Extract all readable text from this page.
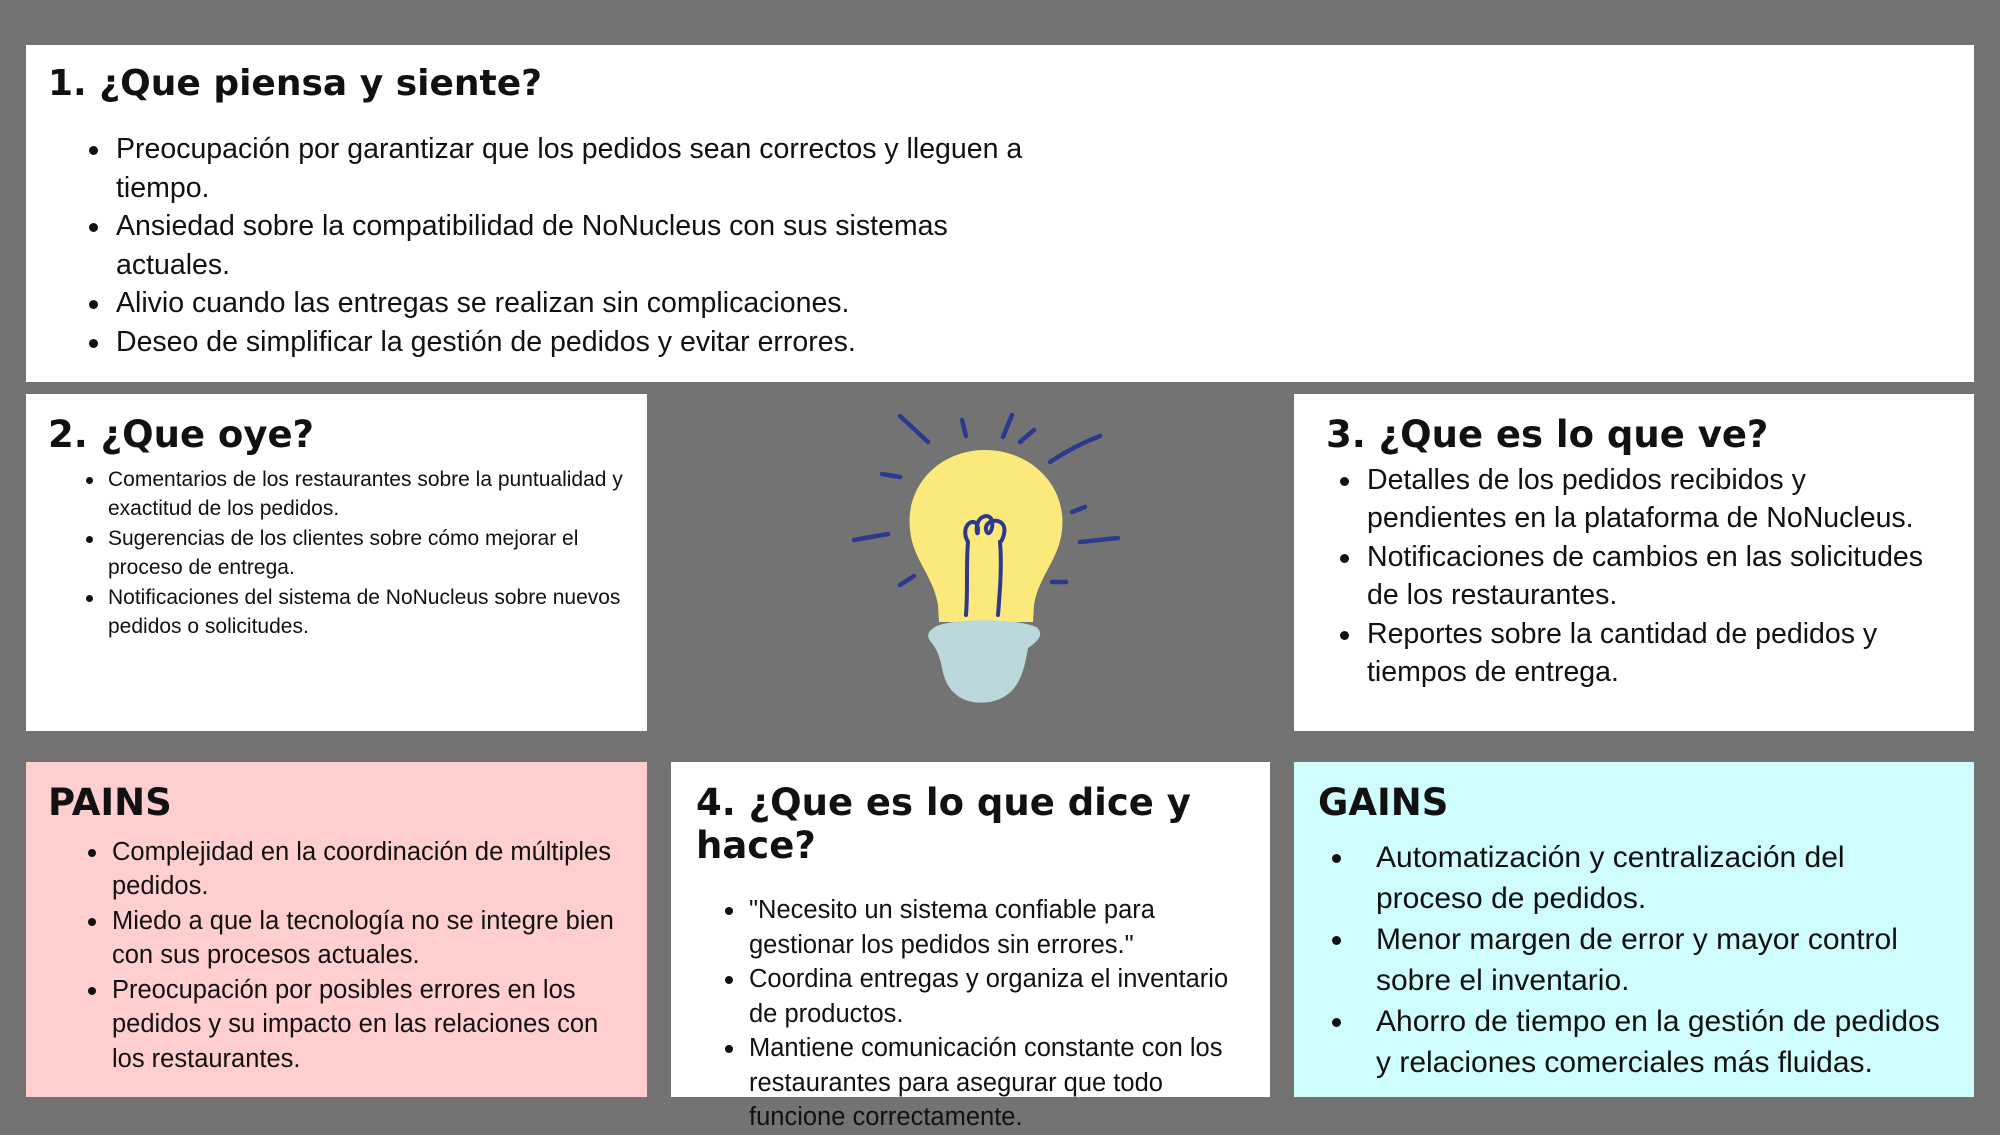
1. ¿Que piensa y siente?
Preocupación por garantizar que los pedidos sean correctos y lleguen a tiempo.
Ansiedad sobre la compatibilidad de NoNucleus con sus sistemas actuales.
Alivio cuando las entregas se realizan sin complicaciones.
Deseo de simplificar la gestión de pedidos y evitar errores.
2. ¿Que oye?
Comentarios de los restaurantes sobre la puntualidad y exactitud de los pedidos.
Sugerencias de los clientes sobre cómo mejorar el proceso de entrega.
Notificaciones del sistema de NoNucleus sobre nuevos pedidos o solicitudes.
3. ¿Que es lo que ve?
Detalles de los pedidos recibidos y pendientes en la plataforma de NoNucleus.
Notificaciones de cambios en las solicitudes de los restaurantes.
Reportes sobre la cantidad de pedidos y tiempos de entrega.
PAINS
Complejidad en la coordinación de múltiples pedidos.
Miedo a que la tecnología no se integre bien con sus procesos actuales.
Preocupación por posibles errores en los pedidos y su impacto en las relaciones con los restaurantes.
4. ¿Que es lo que dice y hace?
"Necesito un sistema confiable para gestionar los pedidos sin errores."
Coordina entregas y organiza el inventario de productos.
Mantiene comunicación constante con los restaurantes para asegurar que todo funcione correctamente.
GAINS
Automatización y centralización del proceso de pedidos.
Menor margen de error y mayor control sobre el inventario.
Ahorro de tiempo en la gestión de pedidos y relaciones comerciales más fluidas.
